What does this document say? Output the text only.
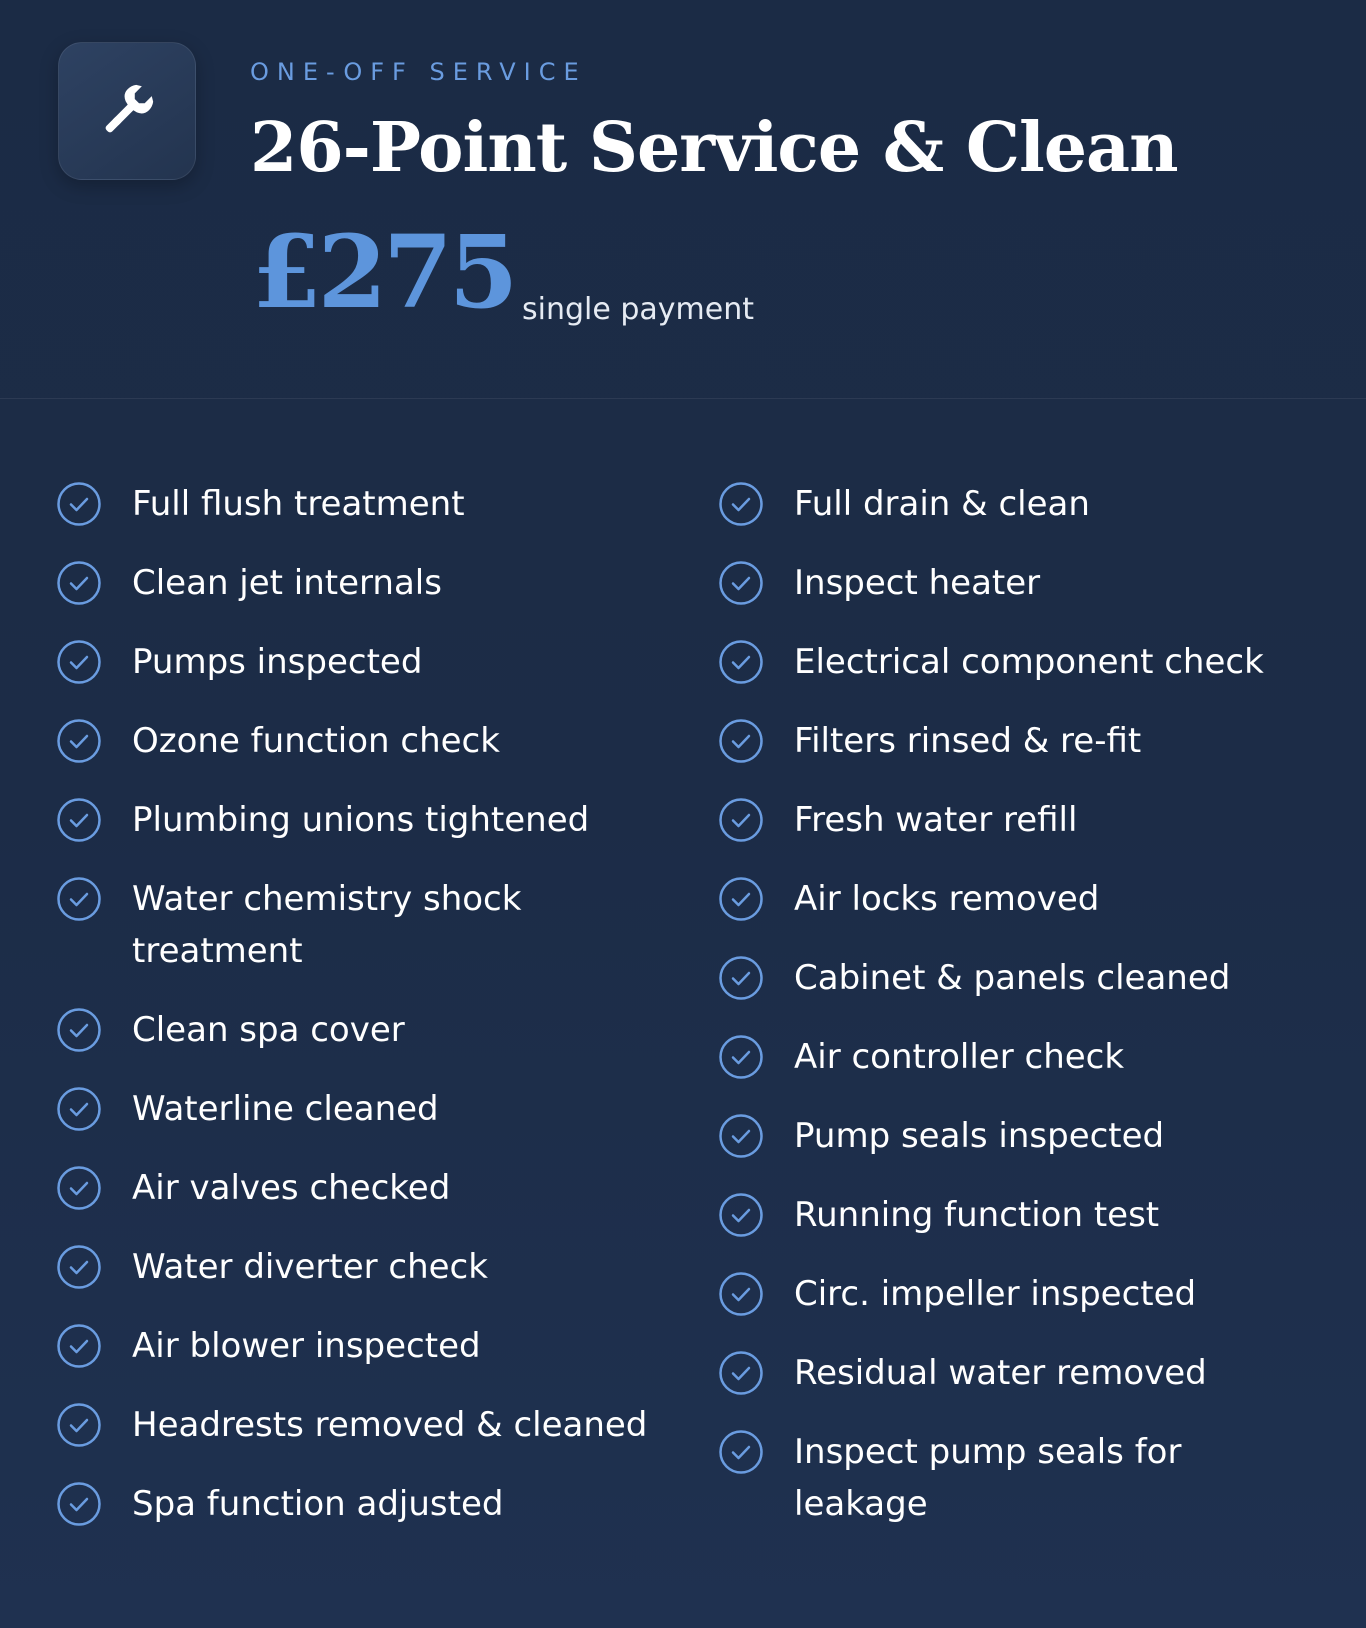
ONE-OFF SERVICE
26-Point Service & Clean
£275 single payment
Full flush treatment
Clean jet internals
Pumps inspected
Ozone function check
Plumbing unions tightened
Water chemistry shock treatment
Clean spa cover
Waterline cleaned
Air valves checked
Water diverter check
Air blower inspected
Headrests removed & cleaned
Spa function adjusted
Full drain & clean
Inspect heater
Electrical component check
Filters rinsed & re-fit
Fresh water refill
Air locks removed
Cabinet & panels cleaned
Air controller check
Pump seals inspected
Running function test
Circ. impeller inspected
Residual water removed
Inspect pump seals for leakage
